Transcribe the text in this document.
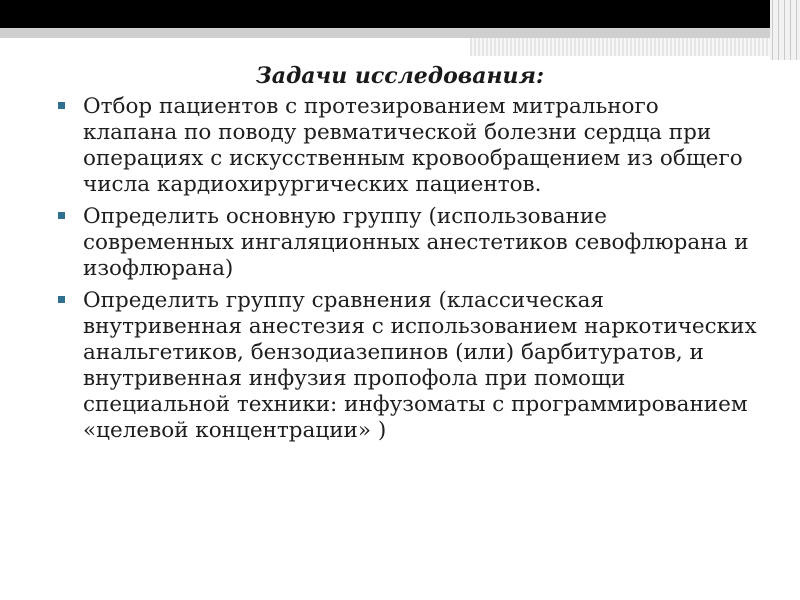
Задачи исследования:
Отбор пациентов с протезированием митрального клапана по поводу ревматической болезни сердца при операциях с искусственным кровообращением из общего числа кардиохирургических пациентов.
Определить основную группу (использование современных ингаляционных анестетиков севофлюрана и изофлюрана)
Определить группу сравнения (классическая внутривенная анестезия с использованием наркотических анальгетиков, бензодиазепинов (или) барбитуратов, и внутривенная инфузия пропофола при помощи специальной техники: инфузоматы с программированием «целевой концентрации» )
